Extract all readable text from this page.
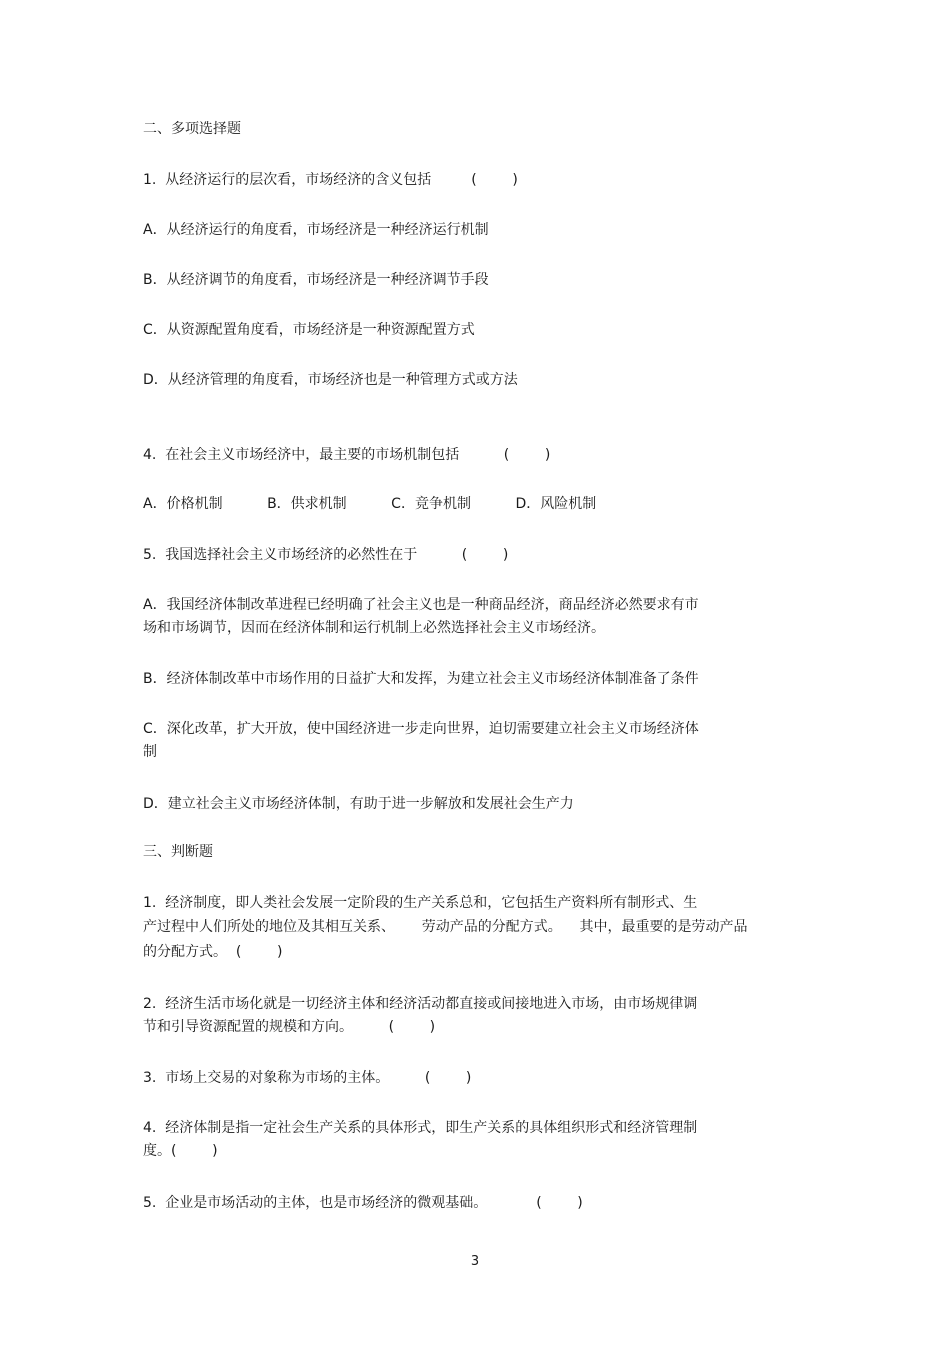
二、多项选择题
1.  从经济运行的层次看，市场经济的含义包括         (        )
A．从经济运行的角度看，市场经济是一种经济运行机制
B．从经济调节的角度看，市场经济是一种经济调节手段
C．从资源配置角度看，市场经济是一种资源配置方式
D．从经济管理的角度看，市场经济也是一种管理方式或方法
4.  在社会主义市场经济中，最主要的市场机制包括          (        )
A．价格机制          B．供求机制          C．竞争机制          D．风险机制
5.  我国选择社会主义市场经济的必然性在于          (        )
A．我国经济体制改革进程已经明确了社会主义也是一种商品经济，商品经济必然要求有市
场和市场调节，因而在经济体制和运行机制上必然选择社会主义市场经济。
B．经济体制改革中市场作用的日益扩大和发挥，为建立社会主义市场经济体制准备了条件
C．深化改革，扩大开放，使中国经济进一步走向世界，迫切需要建立社会主义市场经济体
制
D．建立社会主义市场经济体制，有助于进一步解放和发展社会生产力
三、判断题
1.  经济制度，即人类社会发展一定阶段的生产关系总和，它包括生产资料所有制形式、生
产过程中人们所处的地位及其相互关系、      劳动产品的分配方式。    其中，最重要的是劳动产品
的分配方式。  (        )
2.  经济生活市场化就是一切经济主体和经济活动都直接或间接地进入市场，由市场规律调
节和引导资源配置的规模和方向。        (        )
3.  市场上交易的对象称为市场的主体。        (        )
4.  经济体制是指一定社会生产关系的具体形式，即生产关系的具体组织形式和经济管理制
度。(        )
5.  企业是市场活动的主体，也是市场经济的微观基础。           (        )
3
